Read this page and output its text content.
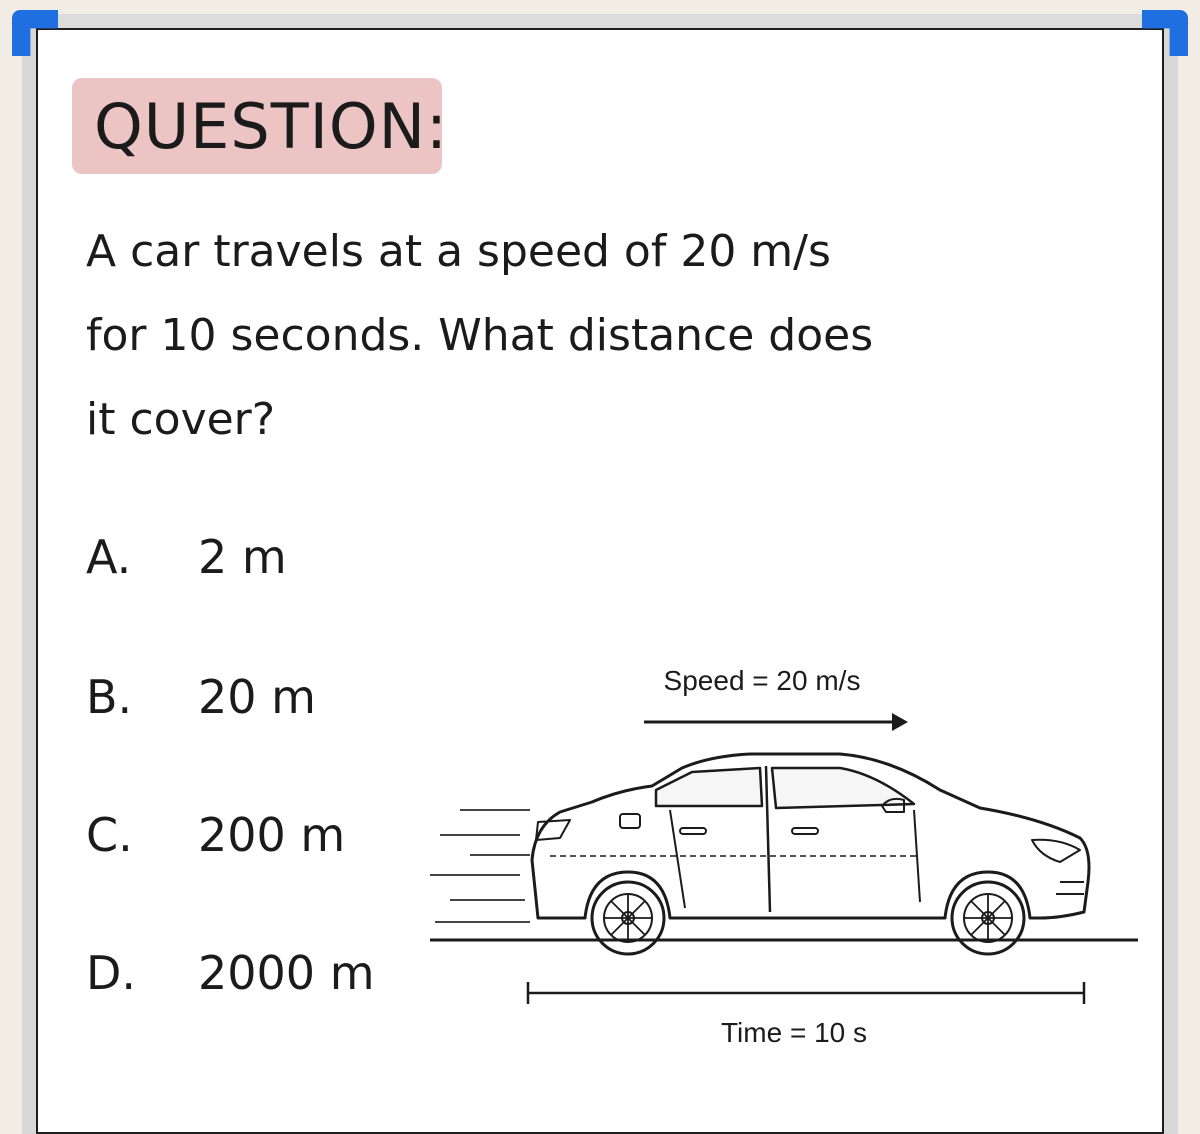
QUESTION:
A car travels at a speed of 20 m/s
for 10 seconds. What distance does
it cover?
A. 2 m
B. 20 m
C. 200 m
D. 2000 m
Speed = 20 m/s
Time = 10 s
